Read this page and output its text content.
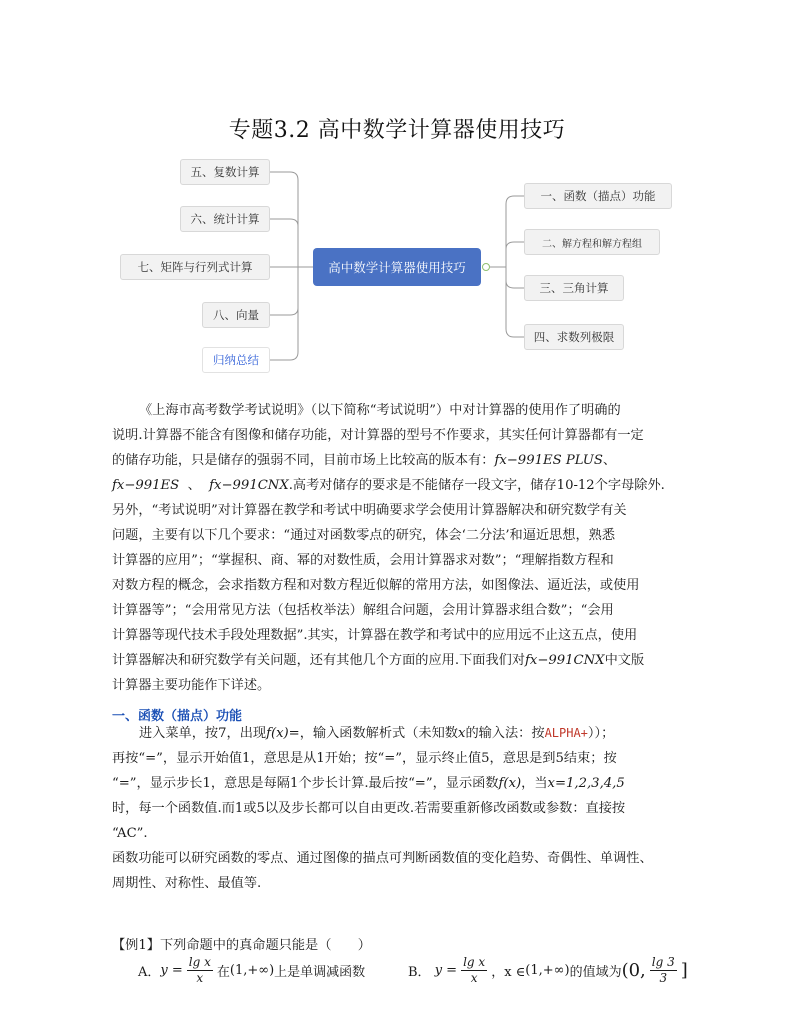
专题3.2 高中数学计算器使用技巧
五、复数计算
六、统计计算
七、矩阵与行列式计算
八、向量
归纳总结
高中数学计算器使用技巧
一、函数（描点）功能
二、解方程和解方程组
三、三角计算
四、求数列极限
《上海市高考数学考试说明》（以下简称“考试说明”）中对计算器的使用作了明确的
说明.计算器不能含有图像和储存功能，对计算器的型号不作要求，其实任何计算器都有一定
的储存功能，只是储存的强弱不同，目前市场上比较高的版本有：fx−991ES PLUS、
fx−991ES 、 fx−991CNX.高考对储存的要求是不能储存一段文字，储存10-12个字母除外.
另外，“考试说明”对计算器在教学和考试中明确要求学会使用计算器解决和研究数学有关
问题，主要有以下几个要求：“通过对函数零点的研究，体会‘二分法’和逼近思想，熟悉
计算器的应用”；“掌握积、商、幂的对数性质，会用计算器求对数”；“理解指数方程和
对数方程的概念，会求指数方程和对数方程近似解的常用方法，如图像法、逼近法，或使用
计算器等”；“会用常见方法（包括枚举法）解组合问题，会用计算器求组合数”；“会用
计算器等现代技术手段处理数据”.其实，计算器在教学和考试中的应用远不止这五点，使用
计算器解决和研究数学有关问题，还有其他几个方面的应用.下面我们对fx−991CNX中文版
计算器主要功能作下详述。
一、函数（描点）功能
进入菜单，按7，出现f(x)=，输入函数解析式（未知数x的输入法：按ALPHA+））；
再按“=”，显示开始值1，意思是从1开始；按“=”，显示终止值5，意思是到5结束；按
“=”，显示步长1，意思是每隔1个步长计算.最后按“=”，显示函数f(x)，当x=1,2,3,4,5
时，每一个函数值.而1或5以及步长都可以自由更改.若需要重新修改函数或参数：直接按
“AC”.
函数功能可以研究函数的零点、通过图像的描点可判断函数值的变化趋势、奇偶性、单调性、
周期性、对称性、最值等.
【例1】下列命题中的真命题只能是（　　）
A． $y = \frac{\text{lg x}}{x}$ 在 (1,+∞) 上是单调减函数	B．
$y = \frac{\text{lg x}}{x}$ ，x ∈ (1,+∞) 的值域为 (0, $\frac{\lg 3}{3}$ ]
